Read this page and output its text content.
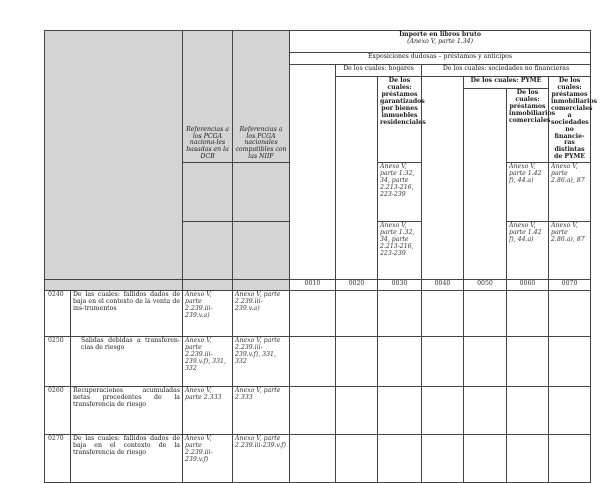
		Referencias a los PCGA naciona-les basadas en la DCB	Referencias a los PCGA nacionales compatibles con las NIIF	Importe en libros bruto
(Anexo V, parte 1.34)							

				Exposiciones dudosas – préstamos y anticipos							
					De los cuales: hogares		De los cuales: sociedades no financieras				
						De los cuales: préstamos garantizados por bienes inmuebles residenciales		De los cuales: PYME		De los cuales: préstamos inmobiliarios comerciales a sociedades no financie-ras distintas de PYME	
									De los cuales: préstamos inmobiliarios comerciales		
						Anexo V, parte 1.32, 34, parte 2.213-216, 223-239			Anexo V, parte 1.42 f), 44.a)	Anexo V, parte 2.86.a), 87				
						Anexo V, parte 1.32, 34, parte 2.213-216, 223-239			Anexo V, parte 1.42 f), 44.a)	Anexo V, parte 2.86.a), 87				
				0010	0020	0030	0040	0050	0060	0070	
0240	De las cuales: fallidos dados de baja en el contexto de la venta de ins-trumentos	Anexo V, parte 2.239.iii-239.v.a)	Anexo V, parte 2.239.iii-239.v.a)								
0250	Salidas debidas a transferen-cias de riesgo	Anexo V, parte 2.239.iii-239.v.f), 331, 332	Anexo V, parte 2.239.iii-239.v.f), 331, 332								
0260	Recuperaciones acumuladas netas procedentes de la transferencia de riesgo	Anexo V, parte 2.333	Anexo V, parte 2.333								
0270	De las cuales: fallidos dados de baja en el contexto de la transferencia de riesgo	Anexo V, parte 2.239.iii-239.v.f)	Anexo V, parte 2.239.iii-239.v.f)								
